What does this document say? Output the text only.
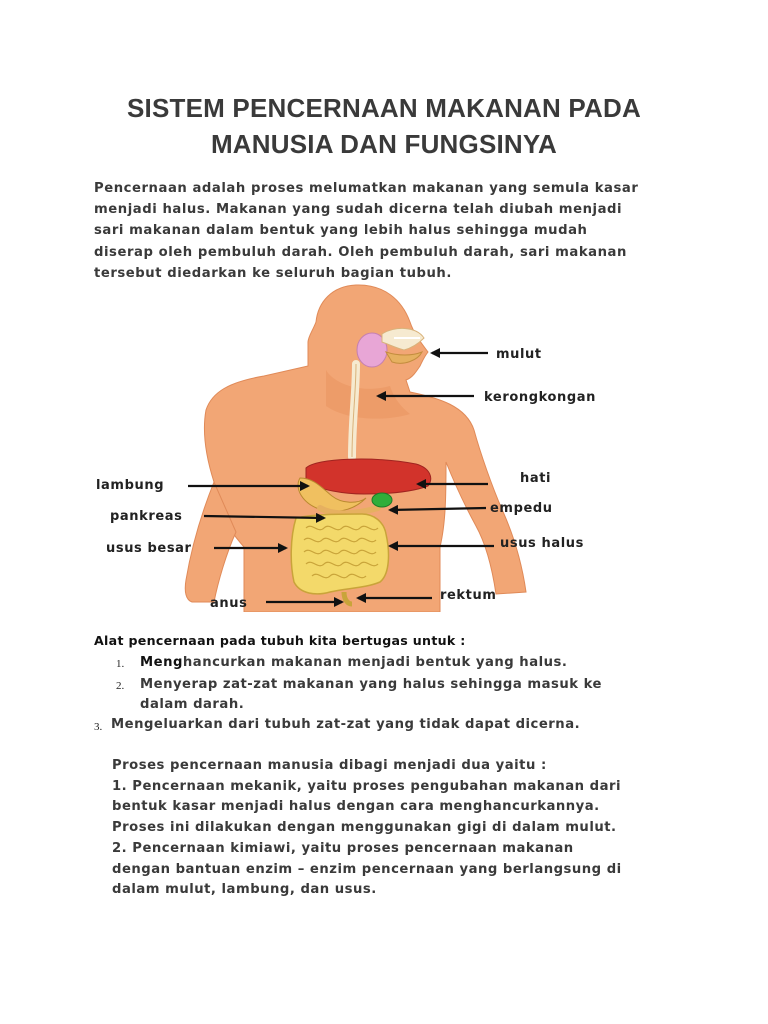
SISTEM PENCERNAAN MAKANAN PADA
MANUSIA DAN FUNGSINYA
Pencernaan adalah proses melumatkan makanan yang semula kasar
menjadi halus. Makanan yang sudah dicerna telah diubah menjadi
sari makanan dalam bentuk yang lebih halus sehingga mudah
diserap oleh pembuluh darah. Oleh pembuluh darah, sari makanan
tersebut diedarkan ke seluruh bagian tubuh.
mulut
kerongkongan
lambung	hati
empedu
pankreas
usus besar	usus halus
anus
rektum
Alat pencernaan pada tubuh kita bertugas untuk :
1. Menghancurkan makanan menjadi bentuk yang halus.
2. Menyerap zat-zat makanan yang halus sehingga masuk ke
dalam darah.
3. Mengeluarkan dari tubuh zat-zat yang tidak dapat dicerna.
Proses pencernaan manusia dibagi menjadi dua yaitu :
1. Pencernaan mekanik, yaitu proses pengubahan makanan dari
bentuk kasar menjadi halus dengan cara menghancurkannya.
Proses ini dilakukan dengan menggunakan gigi di dalam mulut.
2. Pencernaan kimiawi, yaitu proses pencernaan makanan
dengan bantuan enzim – enzim pencernaan yang berlangsung di
dalam mulut, lambung, dan usus.
